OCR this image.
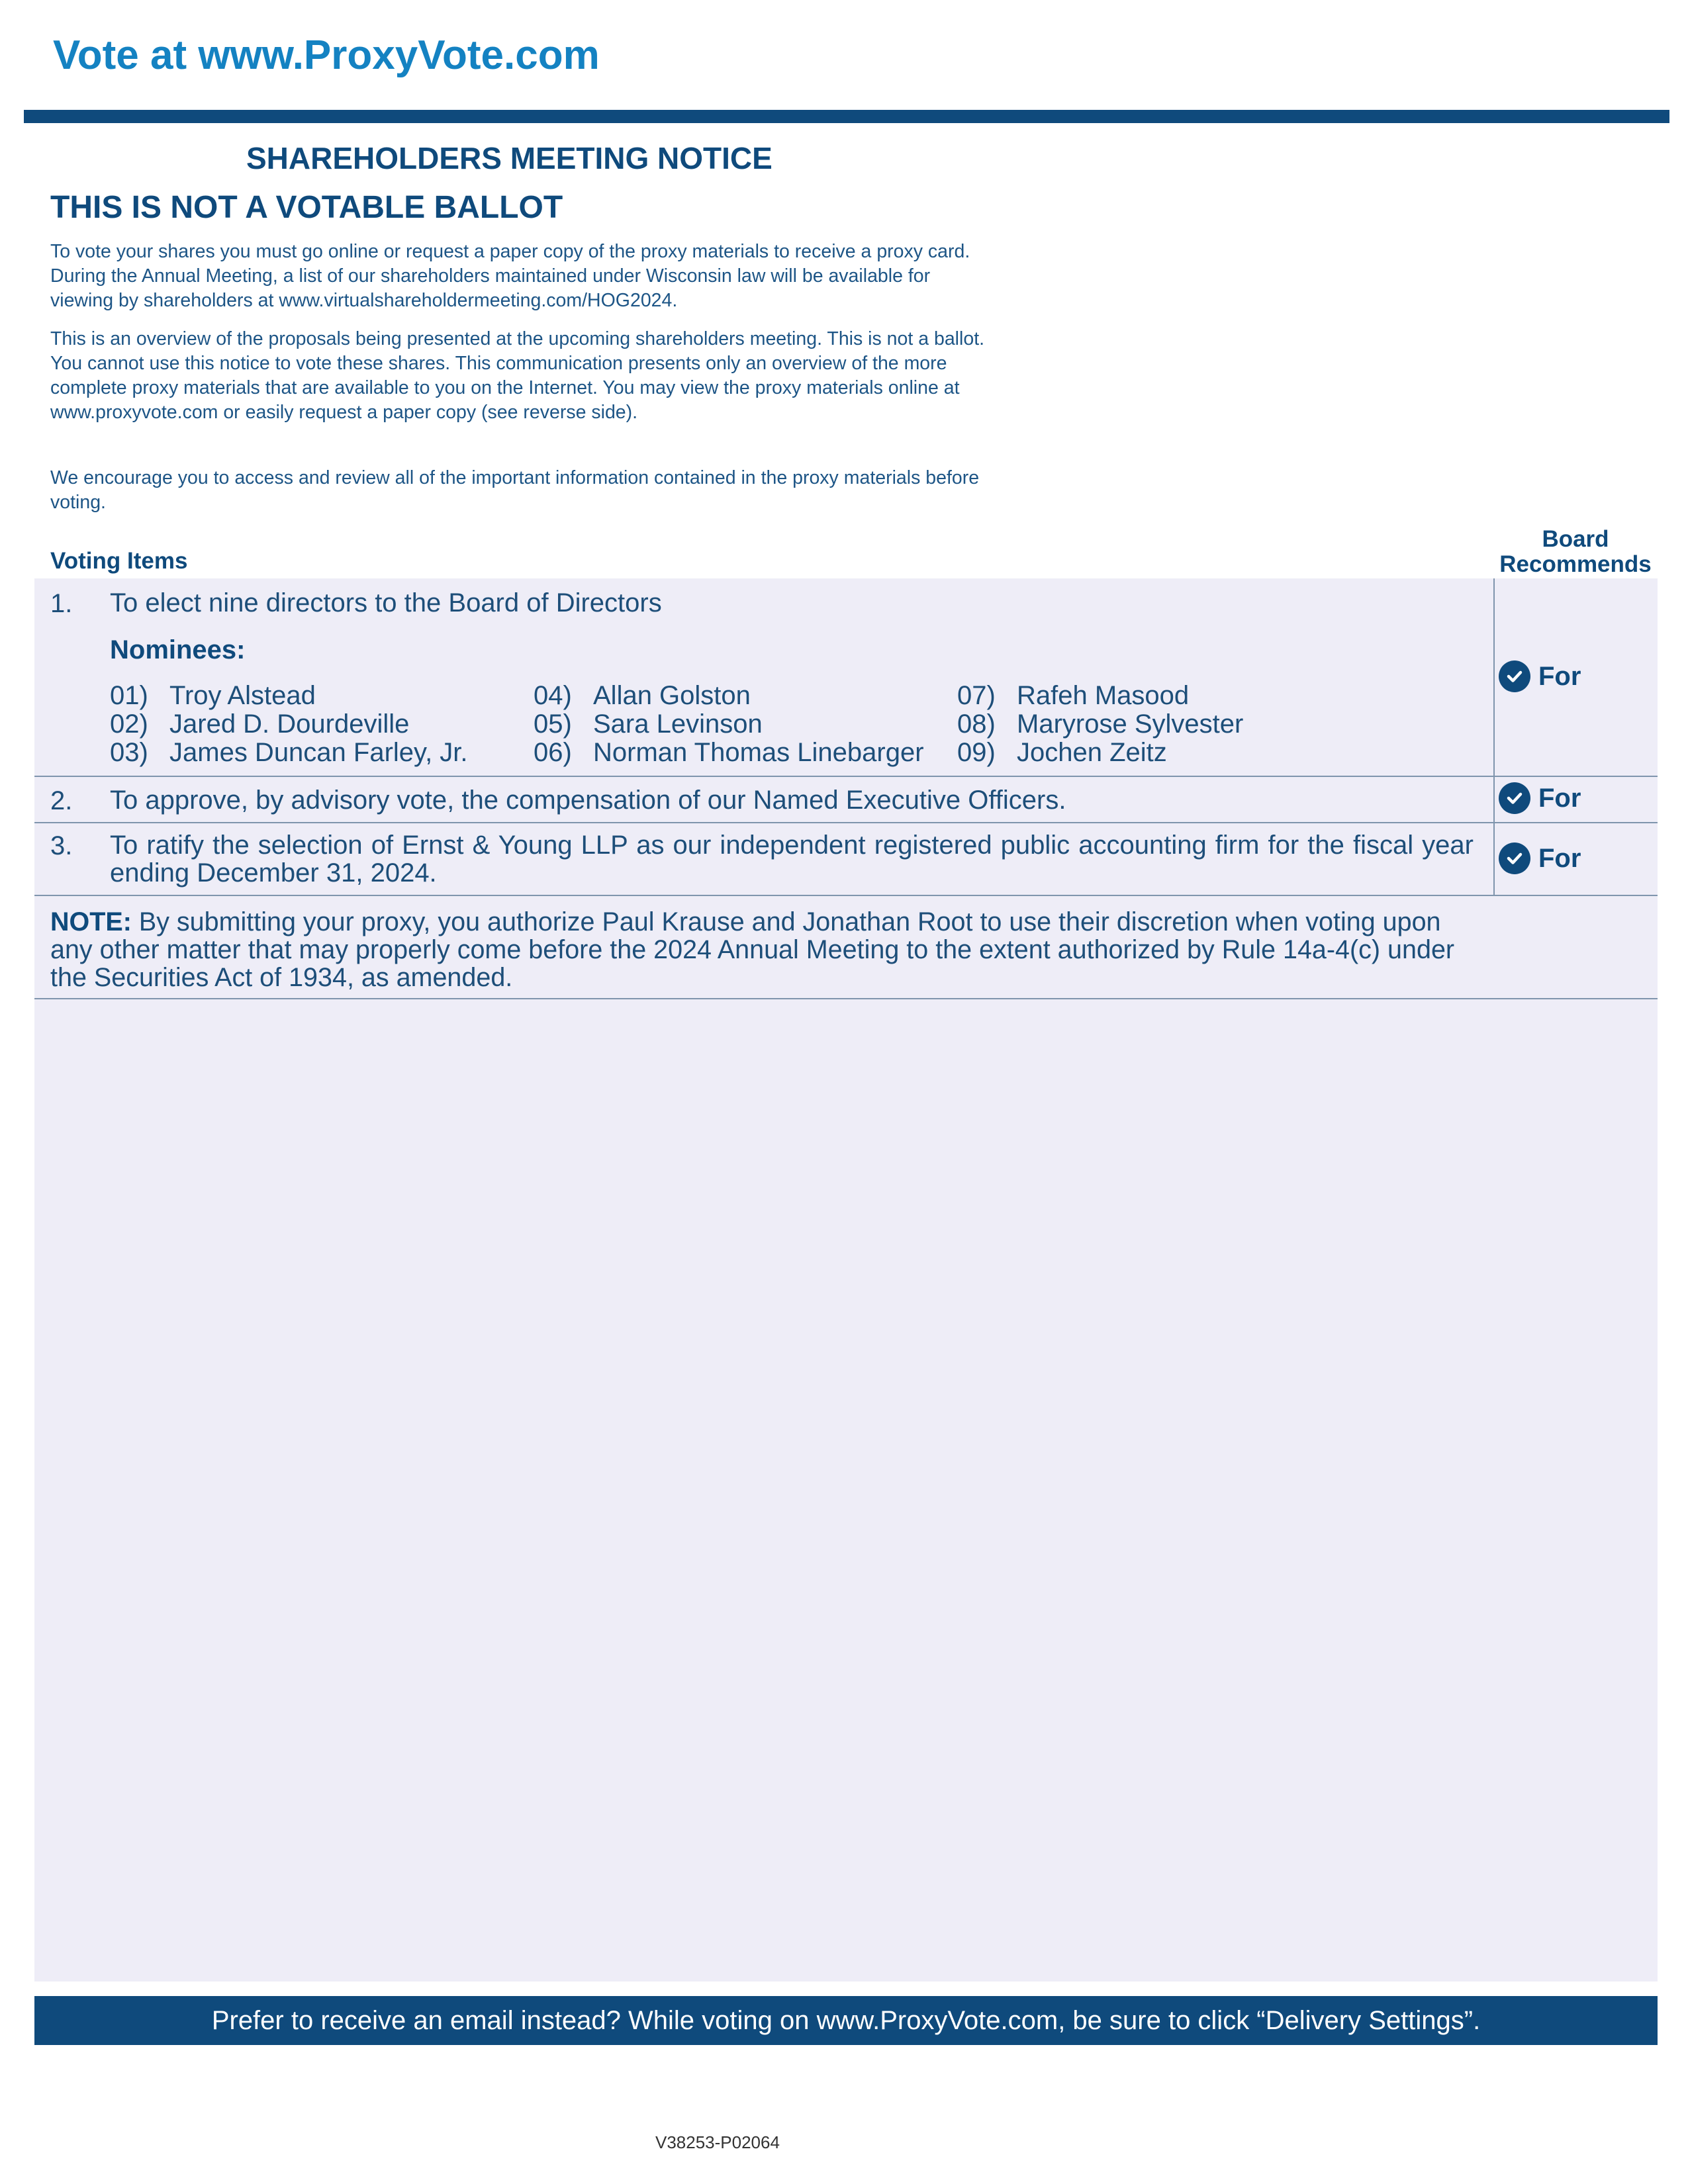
Vote at www.ProxyVote.com
SHAREHOLDERS MEETING NOTICE
THIS IS NOT A VOTABLE BALLOT

To vote your shares you must go online or request a paper copy of the proxy materials to receive a proxy card. During the Annual Meeting, a list of our shareholders maintained under Wisconsin law will be available for viewing by shareholders at www.virtualshareholdermeeting.com/HOG2024.

This is an overview of the proposals being presented at the upcoming shareholders meeting. This is not a ballot. You cannot use this notice to vote these shares. This communication presents only an overview of the more complete proxy materials that are available to you on the Internet. You may view the proxy materials online at www.proxyvote.com or easily request a paper copy (see reverse side).

We encourage you to access and review all of the important information contained in the proxy materials before voting.

Voting Items
Board
Recommends
1. To elect nine directors to the Board of Directors
Nominees:
01) Troy Alstead
02) Jared D. Dourdeville
03) James Duncan Farley, Jr.
04) Allan Golston
05) Sara Levinson
06) Norman Thomas Linebarger
07) Rafeh Masood
08) Maryrose Sylvester
09) Jochen Zeitz
For
2. To approve, by advisory vote, the compensation of our Named Executive Officers.	For
3. To ratify the selection of Ernst & Young LLP as our independent registered public accounting firm for the fiscal year ending December 31, 2024.
For
NOTE: By submitting your proxy, you authorize Paul Krause and Jonathan Root to use their discretion when voting upon any other matter that may properly come before the 2024 Annual Meeting to the extent authorized by Rule 14a-4(c) under the Securities Act of 1934, as amended.
Prefer to receive an email instead? While voting on www.ProxyVote.com, be sure to click “Delivery Settings”.
V38253-P02064
